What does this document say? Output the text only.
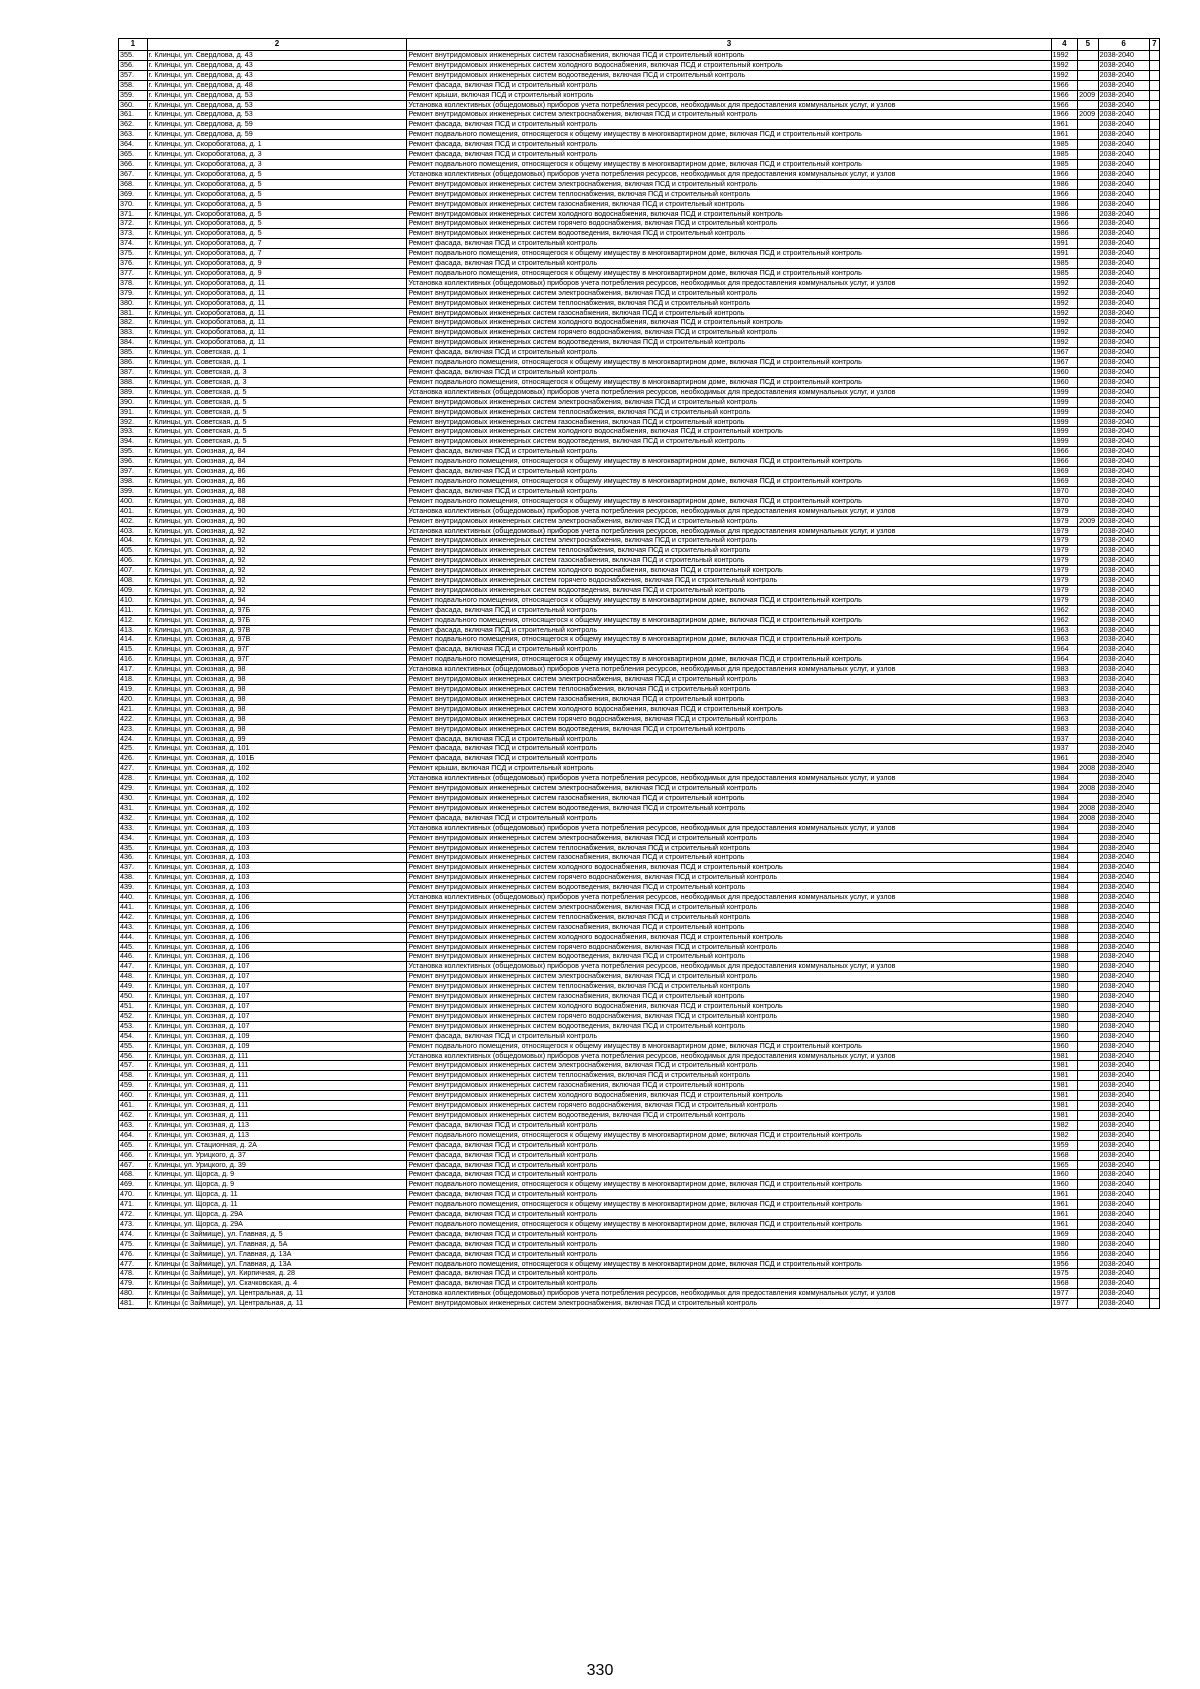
1	2	3	4	5	6	7
355.	г. Клинцы, ул. Свердлова, д. 43	Ремонт внутридомовых инженерных систем газоснабжения, включая ПСД и строительный контроль	1992		2038-2040	
356.	г. Клинцы, ул. Свердлова, д. 43	Ремонт внутридомовых инженерных систем холодного водоснабжения, включая ПСД и строительный контроль	1992		2038-2040	
357.	г. Клинцы, ул. Свердлова, д. 43	Ремонт внутридомовых инженерных систем водоотведения, включая ПСД и строительный контроль	1992		2038-2040	
358.	г. Клинцы, ул. Свердлова, д. 48	Ремонт фасада, включая ПСД и строительный контроль	1966		2038-2040	
359.	г. Клинцы, ул. Свердлова, д. 53	Ремонт крыши, включая ПСД и строительный контроль	1966	2009	2038-2040	
360.	г. Клинцы, ул. Свердлова, д. 53	Установка коллективных (общедомовых) приборов учета потребления ресурсов, необходимых для предоставления коммунальных услуг, и узлов	1966		2038-2040	
361.	г. Клинцы, ул. Свердлова, д. 53	Ремонт внутридомовых инженерных систем электроснабжения, включая ПСД и строительный контроль	1966	2009	2038-2040	
362.	г. Клинцы, ул. Свердлова, д. 59	Ремонт фасада, включая ПСД и строительный контроль	1961		2038-2040	
363.	г. Клинцы, ул. Свердлова, д. 59	Ремонт подвального помещения, относящегося к общему имуществу в многоквартирном доме, включая ПСД и строительный контроль	1961		2038-2040	
364.	г. Клинцы, ул. Скоробогатова, д. 1	Ремонт фасада, включая ПСД и строительный контроль	1985		2038-2040	
365.	г. Клинцы, ул. Скоробогатова, д. 3	Ремонт фасада, включая ПСД и строительный контроль	1985		2038-2040	
366.	г. Клинцы, ул. Скоробогатова, д. 3	Ремонт подвального помещения, относящегося к общему имуществу в многоквартирном доме, включая ПСД и строительный контроль	1985		2038-2040	
367.	г. Клинцы, ул. Скоробогатова, д. 5	Установка коллективных (общедомовых) приборов учета потребления ресурсов, необходимых для предоставления коммунальных услуг, и узлов	1966		2038-2040	
368.	г. Клинцы, ул. Скоробогатова, д. 5	Ремонт внутридомовых инженерных систем электроснабжения, включая ПСД и строительный контроль	1986		2038-2040	
369.	г. Клинцы, ул. Скоробогатова, д. 5	Ремонт внутридомовых инженерных систем теплоснабжения, включая ПСД и строительный контроль	1966		2038-2040	
370.	г. Клинцы, ул. Скоробогатова, д. 5	Ремонт внутридомовых инженерных систем газоснабжения, включая ПСД и строительный контроль	1986		2038-2040	
371.	г. Клинцы, ул. Скоробогатова, д. 5	Ремонт внутридомовых инженерных систем холодного водоснабжения, включая ПСД и строительный контроль	1986		2038-2040	
372.	г. Клинцы, ул. Скоробогатова, д. 5	Ремонт внутридомовых инженерных систем горячего водоснабжения, включая ПСД и строительный контроль	1966		2038-2040	
373.	г. Клинцы, ул. Скоробогатова, д. 5	Ремонт внутридомовых инженерных систем водоотведения, включая ПСД и строительный контроль	1986		2038-2040	
374.	г. Клинцы, ул. Скоробогатова, д. 7	Ремонт фасада, включая ПСД и строительный контроль	1991		2038-2040	
375.	г. Клинцы, ул. Скоробогатова, д. 7	Ремонт подвального помещения, относящегося к общему имуществу в многоквартирном доме, включая ПСД и строительный контроль	1991		2038-2040	
376.	г. Клинцы, ул. Скоробогатова, д. 9	Ремонт фасада, включая ПСД и строительный контроль	1985		2038-2040	
377.	г. Клинцы, ул. Скоробогатова, д. 9	Ремонт подвального помещения, относящегося к общему имуществу в многоквартирном доме, включая ПСД и строительный контроль	1985		2038-2040	
378.	г. Клинцы, ул. Скоробогатова, д. 11	Установка коллективных (общедомовых) приборов учета потребления ресурсов, необходимых для предоставления коммунальных услуг, и узлов	1992		2038-2040	
379.	г. Клинцы, ул. Скоробогатова, д. 11	Ремонт внутридомовых инженерных систем электроснабжения, включая ПСД и строительный контроль	1992		2038-2040	
380.	г. Клинцы, ул. Скоробогатова, д. 11	Ремонт внутридомовых инженерных систем теплоснабжения, включая ПСД и строительный контроль	1992		2038-2040	
381.	г. Клинцы, ул. Скоробогатова, д. 11	Ремонт внутридомовых инженерных систем газоснабжения, включая ПСД и строительный контроль	1992		2038-2040	
382.	г. Клинцы, ул. Скоробогатова, д. 11	Ремонт внутридомовых инженерных систем холодного водоснабжения, включая ПСД и строительный контроль	1992		2038-2040	
383.	г. Клинцы, ул. Скоробогатова, д. 11	Ремонт внутридомовых инженерных систем горячего водоснабжения, включая ПСД и строительный контроль	1992		2038-2040	
384.	г. Клинцы, ул. Скоробогатова, д. 11	Ремонт внутридомовых инженерных систем водоотведения, включая ПСД и строительный контроль	1992		2038-2040	
385.	г. Клинцы, ул. Советская, д. 1	Ремонт фасада, включая ПСД и строительный контроль	1967		2038-2040	
386.	г. Клинцы, ул. Советская, д. 1	Ремонт подвального помещения, относящегося к общему имуществу в многоквартирном доме, включая ПСД и строительный контроль	1967		2038-2040	
387.	г. Клинцы, ул. Советская, д. 3	Ремонт фасада, включая ПСД и строительный контроль	1960		2038-2040	
388.	г. Клинцы, ул. Советская, д. 3	Ремонт подвального помещения, относящегося к общему имуществу в многоквартирном доме, включая ПСД и строительный контроль	1960		2038-2040	
389.	г. Клинцы, ул. Советская, д. 5	Установка коллективных (общедомовых) приборов учета потребления ресурсов, необходимых для предоставления коммунальных услуг, и узлов	1999		2038-2040	
390.	г. Клинцы, ул. Советская, д. 5	Ремонт внутридомовых инженерных систем электроснабжения, включая ПСД и строительный контроль	1999		2038-2040	
391.	г. Клинцы, ул. Советская, д. 5	Ремонт внутридомовых инженерных систем теплоснабжения, включая ПСД и строительный контроль	1999		2038-2040	
392.	г. Клинцы, ул. Советская, д. 5	Ремонт внутридомовых инженерных систем газоснабжения, включая ПСД и строительный контроль	1999		2038-2040	
393.	г. Клинцы, ул. Советская, д. 5	Ремонт внутридомовых инженерных систем холодного водоснабжения, включая ПСД и строительный контроль	1999		2038-2040	
394.	г. Клинцы, ул. Советская, д. 5	Ремонт внутридомовых инженерных систем водоотведения, включая ПСД и строительный контроль	1999		2038-2040	
395.	г. Клинцы, ул. Союзная, д. 84	Ремонт фасада, включая ПСД и строительный контроль	1966		2038-2040	
396.	г. Клинцы, ул. Союзная, д. 84	Ремонт подвального помещения, относящегося к общему имуществу в многоквартирном доме, включая ПСД и строительный контроль	1966		2038-2040	
397.	г. Клинцы, ул. Союзная, д. 86	Ремонт фасада, включая ПСД и строительный контроль	1969		2038-2040	
398.	г. Клинцы, ул. Союзная, д. 86	Ремонт подвального помещения, относящегося к общему имуществу в многоквартирном доме, включая ПСД и строительный контроль	1969		2038-2040	
399.	г. Клинцы, ул. Союзная, д. 88	Ремонт фасада, включая ПСД и строительный контроль	1970		2038-2040	
400.	г. Клинцы, ул. Союзная, д. 88	Ремонт подвального помещения, относящегося к общему имуществу в многоквартирном доме, включая ПСД и строительный контроль	1970		2038-2040	
401.	г. Клинцы, ул. Союзная, д. 90	Установка коллективных (общедомовых) приборов учета потребления ресурсов, необходимых для предоставления коммунальных услуг, и узлов	1979		2038-2040	
402.	г. Клинцы, ул. Союзная, д. 90	Ремонт внутридомовых инженерных систем электроснабжения, включая ПСД и строительный контроль	1979	2009	2038-2040	
403.	г. Клинцы, ул. Союзная, д. 92	Установка коллективных (общедомовых) приборов учета потребления ресурсов, необходимых для предоставления коммунальных услуг, и узлов	1979		2038-2040	
404.	г. Клинцы, ул. Союзная, д. 92	Ремонт внутридомовых инженерных систем электроснабжения, включая ПСД и строительный контроль	1979		2038-2040	
405.	г. Клинцы, ул. Союзная, д. 92	Ремонт внутридомовых инженерных систем теплоснабжения, включая ПСД и строительный контроль	1979		2038-2040	
406.	г. Клинцы, ул. Союзная, д. 92	Ремонт внутридомовых инженерных систем газоснабжения, включая ПСД и строительный контроль	1979		2038-2040	
407.	г. Клинцы, ул. Союзная, д. 92	Ремонт внутридомовых инженерных систем холодного водоснабжения, включая ПСД и строительный контроль	1979		2038-2040	
408.	г. Клинцы, ул. Союзная, д. 92	Ремонт внутридомовых инженерных систем горячего водоснабжения, включая ПСД и строительный контроль	1979		2038-2040	
409.	г. Клинцы, ул. Союзная, д. 92	Ремонт внутридомовых инженерных систем водоотведения, включая ПСД и строительный контроль	1979		2038-2040	
410.	г. Клинцы, ул. Союзная, д. 94	Ремонт подвального помещения, относящегося к общему имуществу в многоквартирном доме, включая ПСД и строительный контроль	1979		2038-2040	
411.	г. Клинцы, ул. Союзная, д. 97Б	Ремонт фасада, включая ПСД и строительный контроль	1962		2038-2040	
412.	г. Клинцы, ул. Союзная, д. 97Б	Ремонт подвального помещения, относящегося к общему имуществу в многоквартирном доме, включая ПСД и строительный контроль	1962		2038-2040	
413.	г. Клинцы, ул. Союзная, д. 97В	Ремонт фасада, включая ПСД и строительный контроль	1963		2038-2040	
414.	г. Клинцы, ул. Союзная, д. 97В	Ремонт подвального помещения, относящегося к общему имуществу в многоквартирном доме, включая ПСД и строительный контроль	1963		2038-2040	
415.	г. Клинцы, ул. Союзная, д. 97Г	Ремонт фасада, включая ПСД и строительный контроль	1964		2038-2040	
416.	г. Клинцы, ул. Союзная, д. 97Г	Ремонт подвального помещения, относящегося к общему имуществу в многоквартирном доме, включая ПСД и строительный контроль	1964		2038-2040	
417.	г. Клинцы, ул. Союзная, д. 98	Установка коллективных (общедомовых) приборов учета потребления ресурсов, необходимых для предоставления коммунальных услуг, и узлов	1983		2038-2040	
418.	г. Клинцы, ул. Союзная, д. 98	Ремонт внутридомовых инженерных систем электроснабжения, включая ПСД и строительный контроль	1983		2038-2040	
419.	г. Клинцы, ул. Союзная, д. 98	Ремонт внутридомовых инженерных систем теплоснабжения, включая ПСД и строительный контроль	1983		2038-2040	
420.	г. Клинцы, ул. Союзная, д. 98	Ремонт внутридомовых инженерных систем газоснабжения, включая ПСД и строительный контроль	1983		2038-2040	
421.	г. Клинцы, ул. Союзная, д. 98	Ремонт внутридомовых инженерных систем холодного водоснабжения, включая ПСД и строительный контроль	1983		2038-2040	
422.	г. Клинцы, ул. Союзная, д. 98	Ремонт внутридомовых инженерных систем горячего водоснабжения, включая ПСД и строительный контроль	1963		2038-2040	
423.	г. Клинцы, ул. Союзная, д. 98	Ремонт внутридомовых инженерных систем водоотведения, включая ПСД и строительный контроль	1983		2038-2040	
424.	г. Клинцы, ул. Союзная, д. 99	Ремонт фасада, включая ПСД и строительный контроль	1937		2038-2040	
425.	г. Клинцы, ул. Союзная, д. 101	Ремонт фасада, включая ПСД и строительный контроль	1937		2038-2040	
426.	г. Клинцы, ул. Союзная, д. 101Б	Ремонт фасада, включая ПСД и строительный контроль	1961		2038-2040	
427.	г. Клинцы, ул. Союзная, д. 102	Ремонт крыши, включая ПСД и строительный контроль	1984	2008	2038-2040	
428.	г. Клинцы, ул. Союзная, д. 102	Установка коллективных (общедомовых) приборов учета потребления ресурсов, необходимых для предоставления коммунальных услуг, и узлов	1984		2038-2040	
429.	г. Клинцы, ул. Союзная, д. 102	Ремонт внутридомовых инженерных систем электроснабжения, включая ПСД и строительный контроль	1984	2008	2038-2040	
430.	г. Клинцы, ул. Союзная, д. 102	Ремонт внутридомовых инженерных систем газоснабжения, включая ПСД и строительный контроль	1984		2038-2040	
431.	г. Клинцы, ул. Союзная, д. 102	Ремонт внутридомовых инженерных систем водоотведения, включая ПСД и строительный контроль	1984	2008	2038-2040	
432.	г. Клинцы, ул. Союзная, д. 102	Ремонт фасада, включая ПСД и строительный контроль	1984	2008	2038-2040	
433.	г. Клинцы, ул. Союзная, д. 103	Установка коллективных (общедомовых) приборов учета потребления ресурсов, необходимых для предоставления коммунальных услуг, и узлов	1984		2038-2040	
434.	г. Клинцы, ул. Союзная, д. 103	Ремонт внутридомовых инженерных систем электроснабжения, включая ПСД и строительный контроль	1984		2038-2040	
435.	г. Клинцы, ул. Союзная, д. 103	Ремонт внутридомовых инженерных систем теплоснабжения, включая ПСД и строительный контроль	1984		2038-2040	
436.	г. Клинцы, ул. Союзная, д. 103	Ремонт внутридомовых инженерных систем газоснабжения, включая ПСД и строительный контроль	1984		2038-2040	
437.	г. Клинцы, ул. Союзная, д. 103	Ремонт внутридомовых инженерных систем холодного водоснабжения, включая ПСД и строительный контроль	1984		2038-2040	
438.	г. Клинцы, ул. Союзная, д. 103	Ремонт внутридомовых инженерных систем горячего водоснабжения, включая ПСД и строительный контроль	1984		2038-2040	
439.	г. Клинцы, ул. Союзная, д. 103	Ремонт внутридомовых инженерных систем водоотведения, включая ПСД и строительный контроль	1984		2038-2040	
440.	г. Клинцы, ул. Союзная, д. 106	Установка коллективных (общедомовых) приборов учета потребления ресурсов, необходимых для предоставления коммунальных услуг, и узлов	1988		2038-2040	
441.	г. Клинцы, ул. Союзная, д. 106	Ремонт внутридомовых инженерных систем электроснабжения, включая ПСД и строительный контроль	1988		2038-2040	
442.	г. Клинцы, ул. Союзная, д. 106	Ремонт внутридомовых инженерных систем теплоснабжения, включая ПСД и строительный контроль	1988		2038-2040	
443.	г. Клинцы, ул. Союзная, д. 106	Ремонт внутридомовых инженерных систем газоснабжения, включая ПСД и строительный контроль	1988		2038-2040	
444.	г. Клинцы, ул. Союзная, д. 106	Ремонт внутридомовых инженерных систем холодного водоснабжения, включая ПСД и строительный контроль	1988		2038-2040	
445.	г. Клинцы, ул. Союзная, д. 106	Ремонт внутридомовых инженерных систем горячего водоснабжения, включая ПСД и строительный контроль	1988		2038-2040	
446.	г. Клинцы, ул. Союзная, д. 106	Ремонт внутридомовых инженерных систем водоотведения, включая ПСД и строительный контроль	1988		2038-2040	
447.	г. Клинцы, ул. Союзная, д. 107	Установка коллективных (общедомовых) приборов учета потребления ресурсов, необходимых для предоставления коммунальных услуг, и узлов	1980		2038-2040	
448.	г. Клинцы, ул. Союзная, д. 107	Ремонт внутридомовых инженерных систем электроснабжения, включая ПСД и строительный контроль	1980		2038-2040	
449.	г. Клинцы, ул. Союзная, д. 107	Ремонт внутридомовых инженерных систем теплоснабжения, включая ПСД и строительный контроль	1980		2038-2040	
450.	г. Клинцы, ул. Союзная, д. 107	Ремонт внутридомовых инженерных систем газоснабжения, включая ПСД и строительный контроль	1980		2038-2040	
451.	г. Клинцы, ул. Союзная, д. 107	Ремонт внутридомовых инженерных систем холодного водоснабжения, включая ПСД и строительный контроль	1980		2038-2040	
452.	г. Клинцы, ул. Союзная, д. 107	Ремонт внутридомовых инженерных систем горячего водоснабжения, включая ПСД и строительный контроль	1980		2038-2040	
453.	г. Клинцы, ул. Союзная, д. 107	Ремонт внутридомовых инженерных систем водоотведения, включая ПСД и строительный контроль	1980		2038-2040	
454.	г. Клинцы, ул. Союзная, д. 109	Ремонт фасада, включая ПСД и строительный контроль	1960		2038-2040	
455.	г. Клинцы, ул. Союзная, д. 109	Ремонт подвального помещения, относящегося к общему имуществу в многоквартирном доме, включая ПСД и строительный контроль	1960		2038-2040	
456.	г. Клинцы, ул. Союзная, д. 111	Установка коллективных (общедомовых) приборов учета потребления ресурсов, необходимых для предоставления коммунальных услуг, и узлов	1981		2038-2040	
457.	г. Клинцы, ул. Союзная, д. 111	Ремонт внутридомовых инженерных систем электроснабжения, включая ПСД и строительный контроль	1981		2038-2040	
458.	г. Клинцы, ул. Союзная, д. 111	Ремонт внутридомовых инженерных систем теплоснабжения, включая ПСД и строительный контроль	1981		2038-2040	
459.	г. Клинцы, ул. Союзная, д. 111	Ремонт внутридомовых инженерных систем газоснабжения, включая ПСД и строительный контроль	1981		2038-2040	
460.	г. Клинцы, ул. Союзная, д. 111	Ремонт внутридомовых инженерных систем холодного водоснабжения, включая ПСД и строительный контроль	1981		2038-2040	
461.	г. Клинцы, ул. Союзная, д. 111	Ремонт внутридомовых инженерных систем горячего водоснабжения, включая ПСД и строительный контроль	1981		2038-2040	
462.	г. Клинцы, ул. Союзная, д. 111	Ремонт внутридомовых инженерных систем водоотведения, включая ПСД и строительный контроль	1981		2038-2040	
463.	г. Клинцы, ул. Союзная, д. 113	Ремонт фасада, включая ПСД и строительный контроль	1982		2038-2040	
464.	г. Клинцы, ул. Союзная, д. 113	Ремонт подвального помещения, относящегося к общему имуществу в многоквартирном доме, включая ПСД и строительный контроль	1982		2038-2040	
465.	г. Клинцы, ул. Стационная, д. 2А	Ремонт фасада, включая ПСД и строительный контроль	1959		2038-2040	
466.	г. Клинцы, ул. Урицкого, д. 37	Ремонт фасада, включая ПСД и строительный контроль	1968		2038-2040	
467.	г. Клинцы, ул. Урицкого, д. 39	Ремонт фасада, включая ПСД и строительный контроль	1965		2038-2040	
468.	г. Клинцы, ул. Щорса, д. 9	Ремонт фасада, включая ПСД и строительный контроль	1960		2038-2040	
469.	г. Клинцы, ул. Щорса, д. 9	Ремонт подвального помещения, относящегося к общему имуществу в многоквартирном доме, включая ПСД и строительный контроль	1960		2038-2040	
470.	г. Клинцы, ул. Щорса, д. 11	Ремонт фасада, включая ПСД и строительный контроль	1961		2038-2040	
471.	г. Клинцы, ул. Щорса, д. 11	Ремонт подвального помещения, относящегося к общему имуществу в многоквартирном доме, включая ПСД и строительный контроль	1961		2038-2040	
472.	г. Клинцы, ул. Щорса, д. 29А	Ремонт фасада, включая ПСД и строительный контроль	1961		2038-2040	
473.	г. Клинцы, ул. Щорса, д. 29А	Ремонт подвального помещения, относящегося к общему имуществу в многоквартирном доме, включая ПСД и строительный контроль	1961		2038-2040	
474.	г. Клинцы (с Займище), ул. Главная, д. 5	Ремонт фасада, включая ПСД и строительный контроль	1969		2038-2040	
475.	г. Клинцы (с Займище), ул. Главная, д. 5А	Ремонт фасада, включая ПСД и строительный контроль	1980		2038-2040	
476.	г. Клинцы (с Займище), ул. Главная, д. 13А	Ремонт фасада, включая ПСД и строительный контроль	1956		2038-2040	
477.	г. Клинцы (с Займище), ул. Главная, д. 13А	Ремонт подвального помещения, относящегося к общему имуществу в многоквартирном доме, включая ПСД и строительный контроль	1956		2038-2040	
478.	г. Клинцы (с Займище), ул. Кирпичная, д. 28	Ремонт фасада, включая ПСД и строительный контроль	1975		2038-2040	
479.	г. Клинцы (с Займище), ул. Скачковская, д. 4	Ремонт фасада, включая ПСД и строительный контроль	1968		2038-2040	
480.	г. Клинцы (с Займище), ул. Центральная, д. 11	Установка коллективных (общедомовых) приборов учета потребления ресурсов, необходимых для предоставления коммунальных услуг, и узлов	1977		2038-2040	
481.	г. Клинцы (с Займище), ул. Центральная, д. 11	Ремонт внутридомовых инженерных систем электроснабжения, включая ПСД и строительный контроль	1977		2038-2040	
330
